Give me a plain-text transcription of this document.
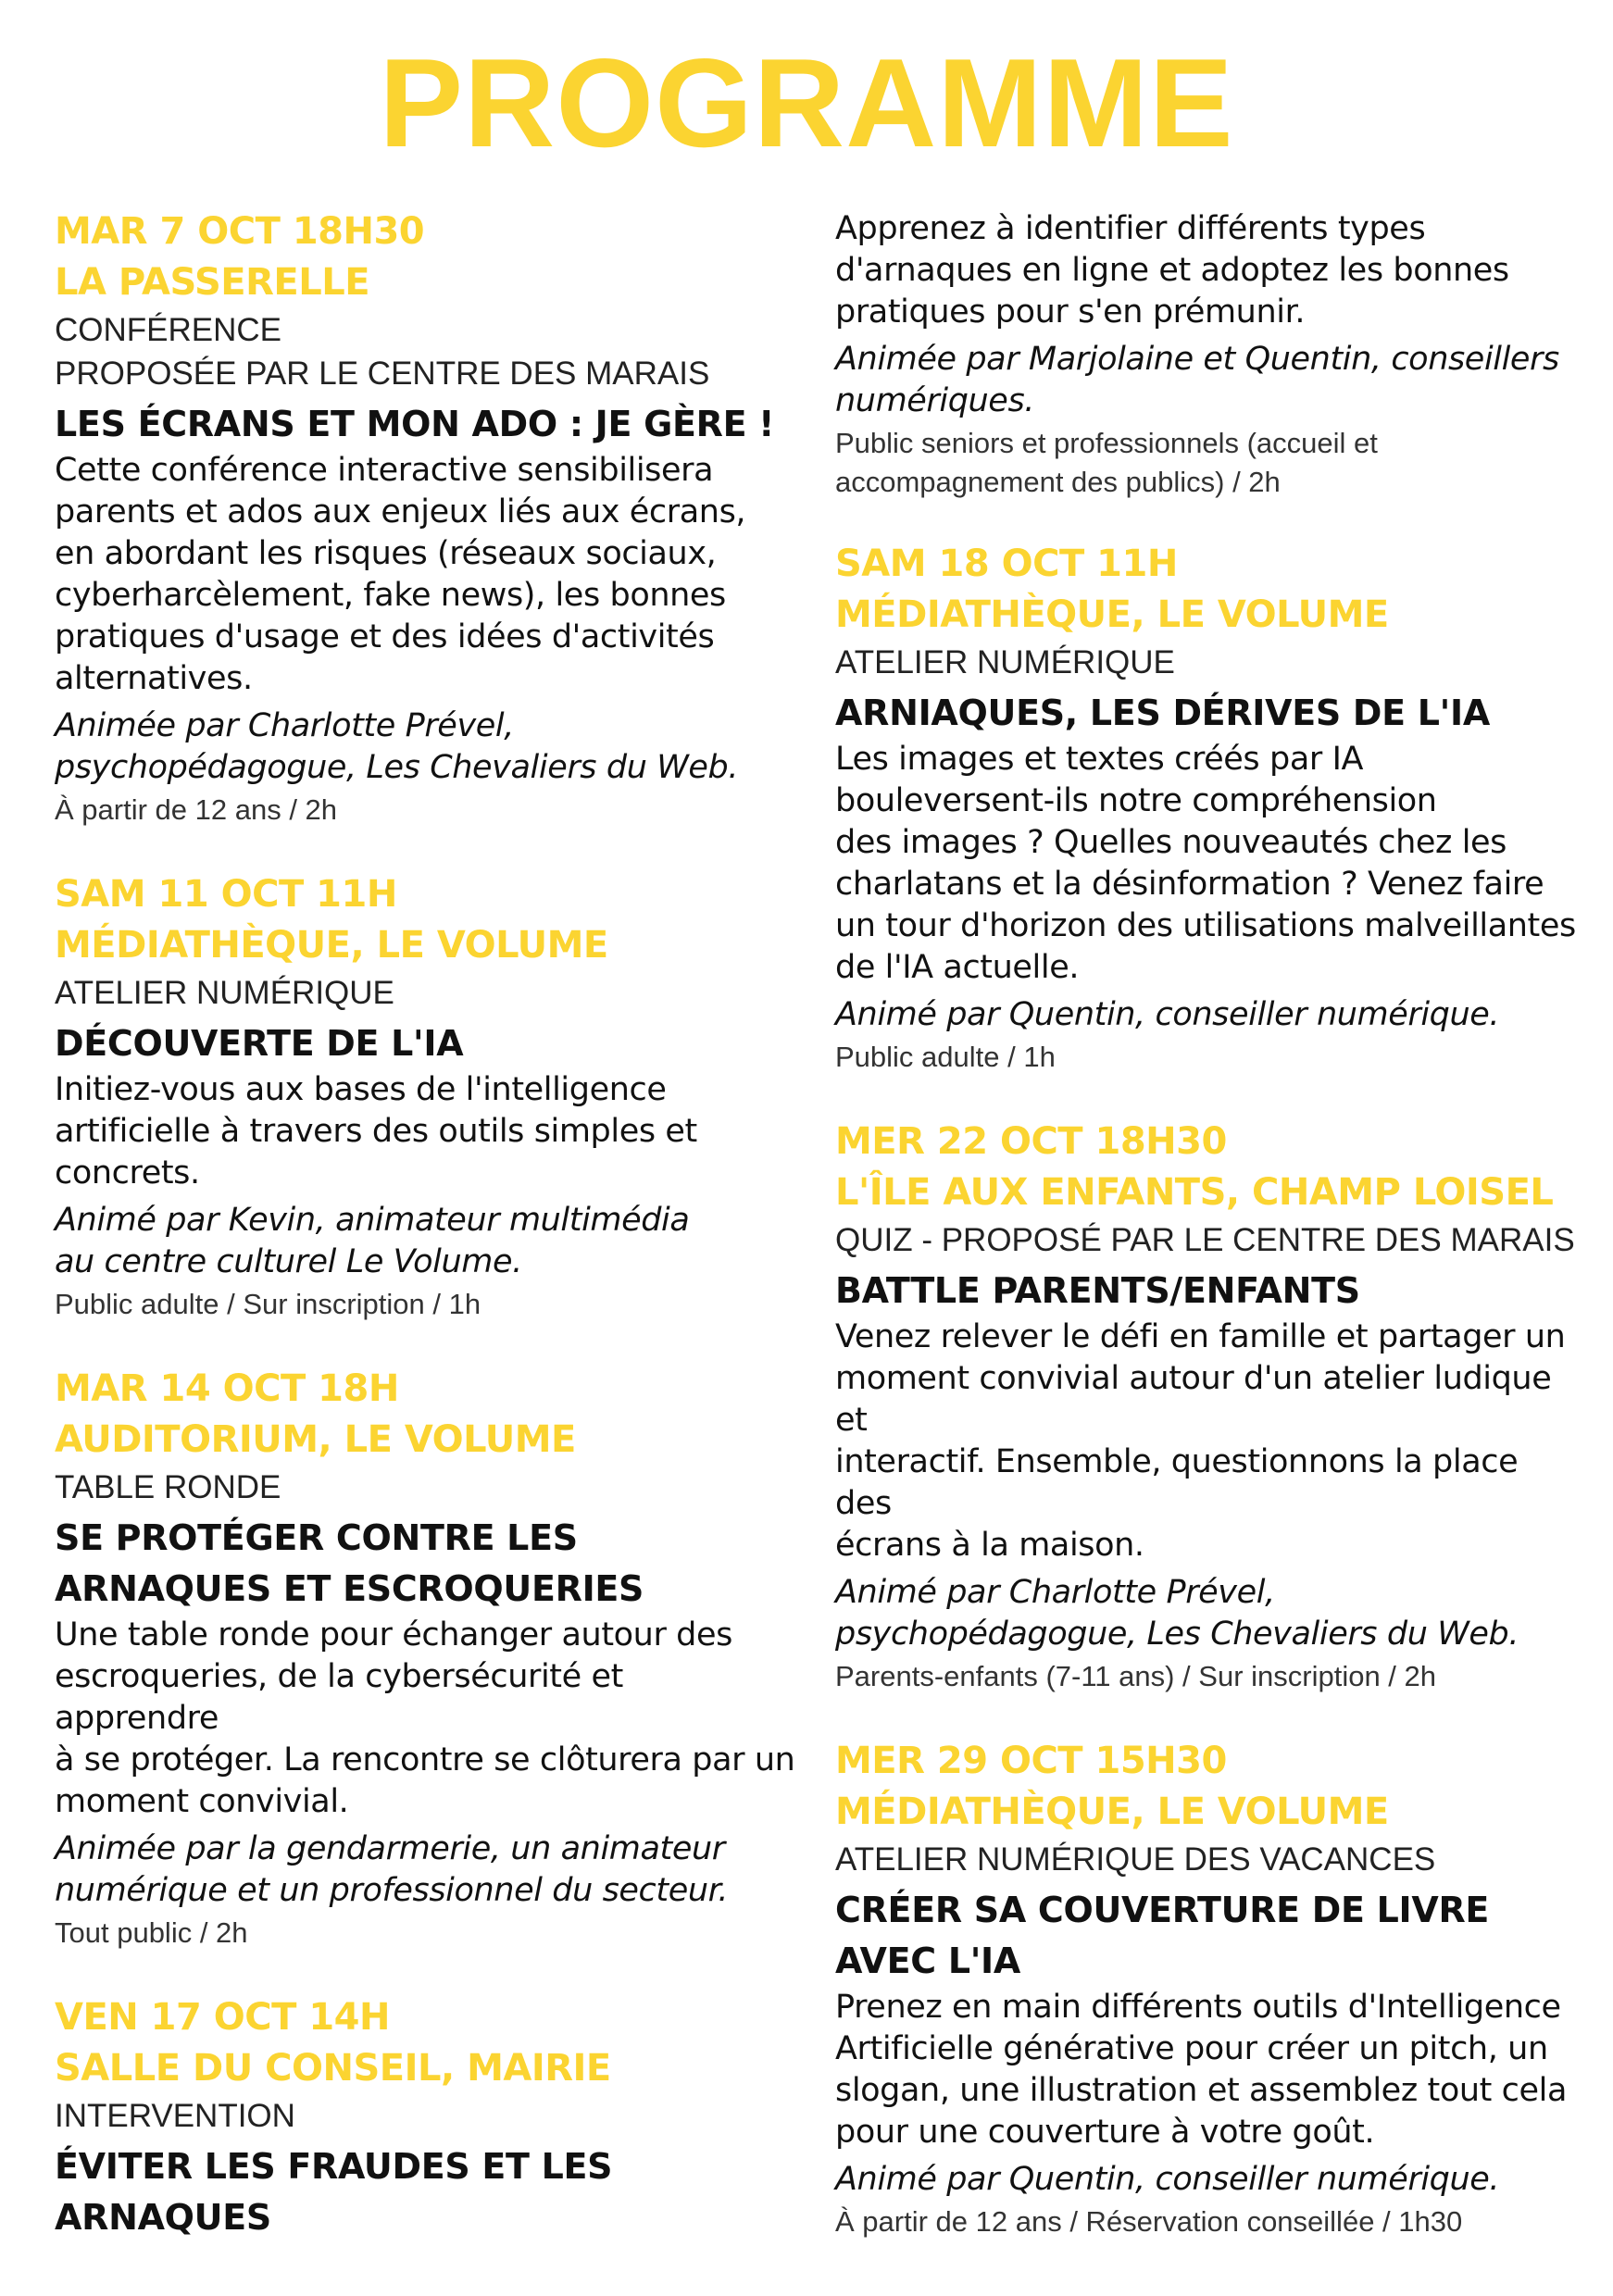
PROGRAMME

MAR 7 OCT 18H30

LA PASSERELLE

CONFÉRENCE

PROPOSÉE PAR LE CENTRE DES MARAIS

LES ÉCRANS ET MON ADO : JE GÈRE !

Cette conférence interactive sensibilisera
parents et ados aux enjeux liés aux écrans,
en abordant les risques (réseaux sociaux,
cyberharcèlement, fake news), les bonnes
pratiques d'usage et des idées d'activités
alternatives.

Animée par Charlotte Prével,
psychopédagogue, Les Chevaliers du Web.

À partir de 12 ans / 2h

SAM 11 OCT 11H

MÉDIATHÈQUE, LE VOLUME

ATELIER NUMÉRIQUE

DÉCOUVERTE DE L'IA

Initiez-vous aux bases de l'intelligence
artificielle à travers des outils simples et
concrets.

Animé par Kevin, animateur multimédia
au centre culturel Le Volume.

Public adulte / Sur inscription / 1h

MAR 14 OCT 18H

AUDITORIUM, LE VOLUME

TABLE RONDE

SE PROTÉGER CONTRE LES
ARNAQUES ET ESCROQUERIES

Une table ronde pour échanger autour des
escroqueries, de la cybersécurité et apprendre
à se protéger. La rencontre se clôturera par un
moment convivial.

Animée par la gendarmerie, un animateur
numérique et un professionnel du secteur.

Tout public / 2h

VEN 17 OCT 14H

SALLE DU CONSEIL, MAIRIE

INTERVENTION

ÉVITER LES FRAUDES ET LES
ARNAQUES

Apprenez à identifier différents types
d'arnaques en ligne et adoptez les bonnes
pratiques pour s'en prémunir.

Animée par Marjolaine et Quentin, conseillers
numériques.

Public seniors et professionnels (accueil et
accompagnement des publics) / 2h

SAM 18 OCT 11H

MÉDIATHÈQUE, LE VOLUME

ATELIER NUMÉRIQUE

ARNIAQUES, LES DÉRIVES DE L'IA

Les images et textes créés par IA
bouleversent-ils notre compréhension
des images ? Quelles nouveautés chez les
charlatans et la désinformation ? Venez faire
un tour d'horizon des utilisations malveillantes
de l'IA actuelle.

Animé par Quentin, conseiller numérique.

Public adulte / 1h

MER 22 OCT 18H30

L'ÎLE AUX ENFANTS, CHAMP LOISEL

QUIZ - PROPOSÉ PAR LE CENTRE DES MARAIS

BATTLE PARENTS/ENFANTS

Venez relever le défi en famille et partager un
moment convivial autour d'un atelier ludique et
interactif. Ensemble, questionnons la place des
écrans à la maison.

Animé par Charlotte Prével,
psychopédagogue, Les Chevaliers du Web.

Parents-enfants (7-11 ans) / Sur inscription / 2h

MER 29 OCT 15H30

MÉDIATHÈQUE, LE VOLUME

ATELIER NUMÉRIQUE DES VACANCES

CRÉER SA COUVERTURE DE LIVRE
AVEC L'IA

Prenez en main différents outils d'Intelligence
Artificielle générative pour créer un pitch, un
slogan, une illustration et assemblez tout cela
pour une couverture à votre goût.

Animé par Quentin, conseiller numérique.

À partir de 12 ans / Réservation conseillée / 1h30
